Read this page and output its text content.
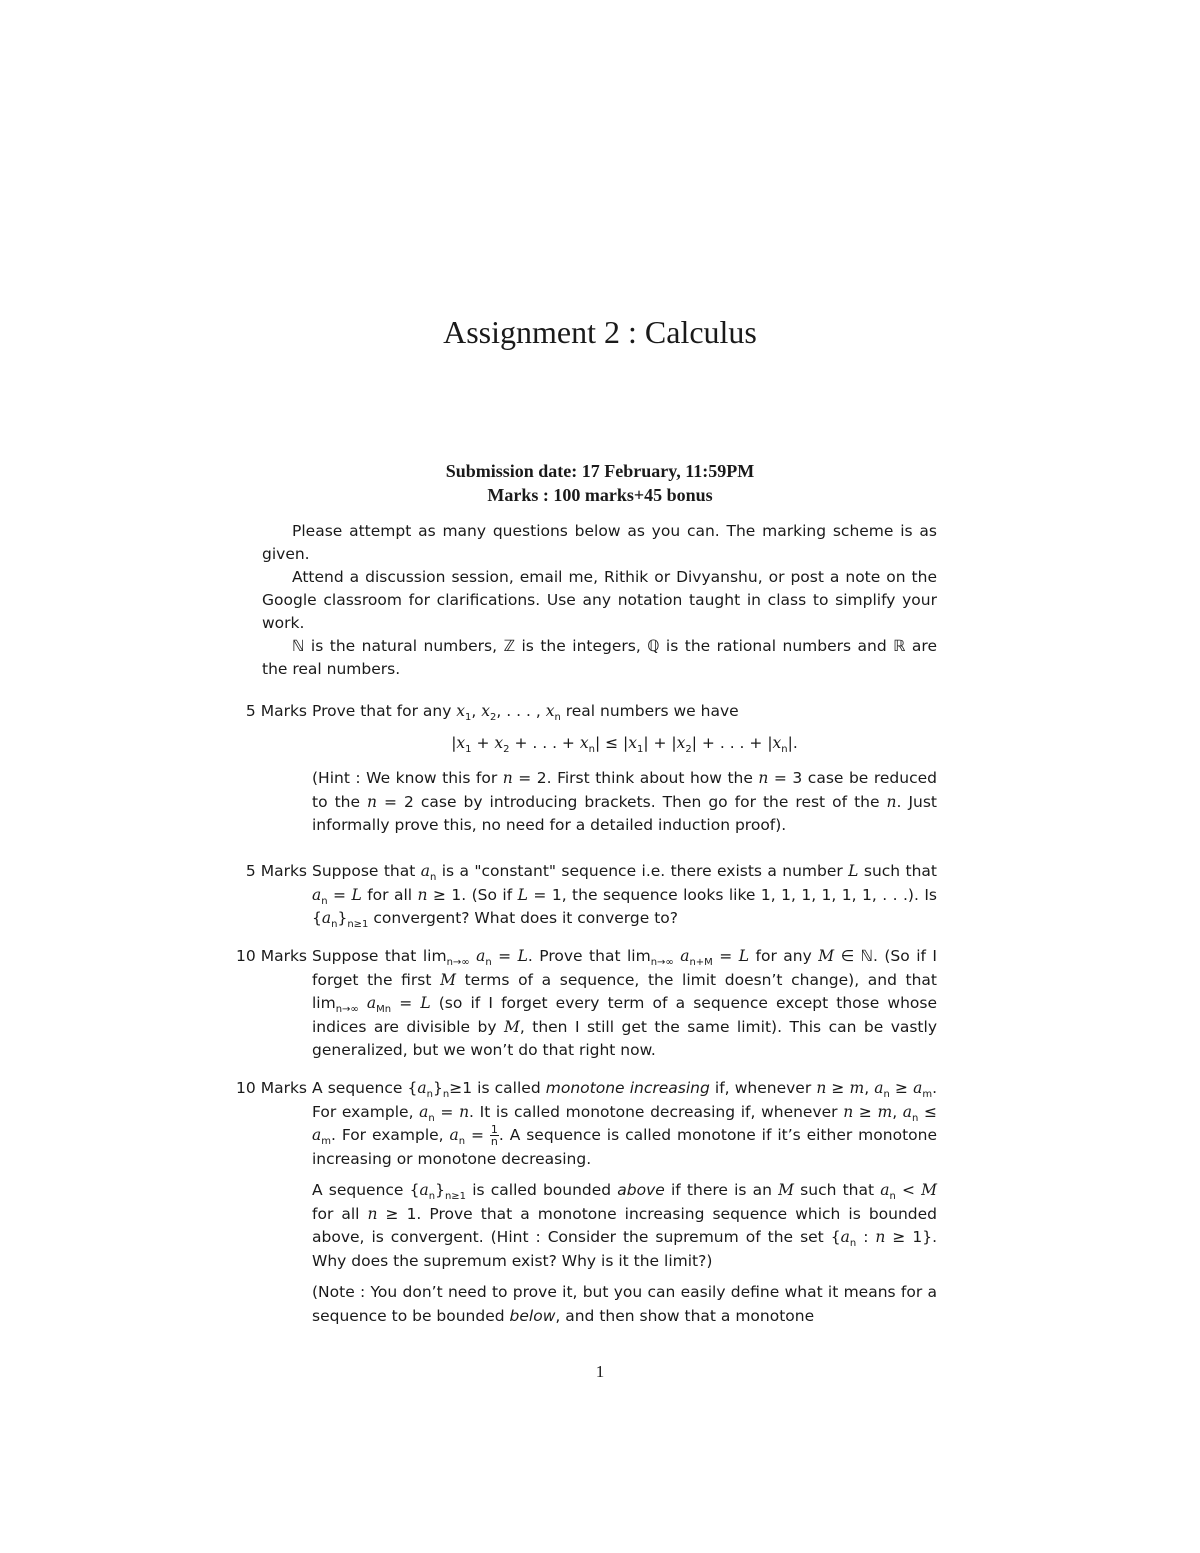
Assignment 2 : Calculus
Submission date: 17 February, 11:59PM
Marks : 100 marks+45 bonus

Please attempt as many questions below as you can. The marking scheme is as given.

Attend a discussion session, email me, Rithik or Divyanshu, or post a note on the Google classroom for clarifications. Use any notation taught in class to simplify your work.

ℕ is the natural numbers, ℤ is the integers, ℚ is the rational numbers and ℝ are the real numbers.

5 Marks Prove that for any $x_1$, $x_2$, . . . , $x_n$ real numbers we have

$|x_1 + x_2$ + . . . + $x_n| \le |x_1| + |x_2|$ + . . . + $|x_n|$.

(Hint : We know this for n = 2. First think about how the n = 3 case be reduced to the n = 2 case by introducing brackets. Then go for the rest of the n. Just informally prove this, no need for a detailed induction proof).

5 Marks Suppose that $a_n$ is a "constant" sequence i.e. there exists a number L such that $a_n = L$ for all n ≥ 1. (So if L = 1, the sequence looks like 1, 1, 1, 1, 1, 1, . . .). Is $\{a_n\}_{n\ge 1}$ convergent? What does it converge to?

10 Marks Suppose that $\lim_{n\to\infty} a_n = L$. Prove that $\lim_{n\to\infty} a_{n+M} = L$ for any M ∈ ℕ. (So if I forget the first M terms of a sequence, the limit doesn’t change), and that $\lim_{n\to\infty} a_{Mn} = L$ (so if I forget every term of a sequence except those whose indices are divisible by M, then I still get the same limit). This can be vastly generalized, but we won’t do that right now.

10 Marks A sequence $\{a_n\}_n\ge 1$ is called monotone increasing if, whenever n ≥ m, $a_n \ge a_m$. For example, $a_n = n$. It is called monotone decreasing if, whenever n ≥ m, $a_n \le a_m$. For example, $a_n = \frac{1}{n}$ . A sequence is called monotone if it’s either monotone increasing or monotone decreasing.

A sequence $\{a_n\}_{n\ge 1}$ is called bounded above if there is an M such that $a_n < M$ for all n ≥ 1. Prove that a monotone increasing sequence which is bounded above, is convergent. (Hint : Consider the supremum of the set {$a_n$ : n ≥ 1}. Why does the supremum exist? Why is it the limit?)

(Note : You don’t need to prove it, but you can easily define what it means for a sequence to be bounded below, and then show that a monotone

1
